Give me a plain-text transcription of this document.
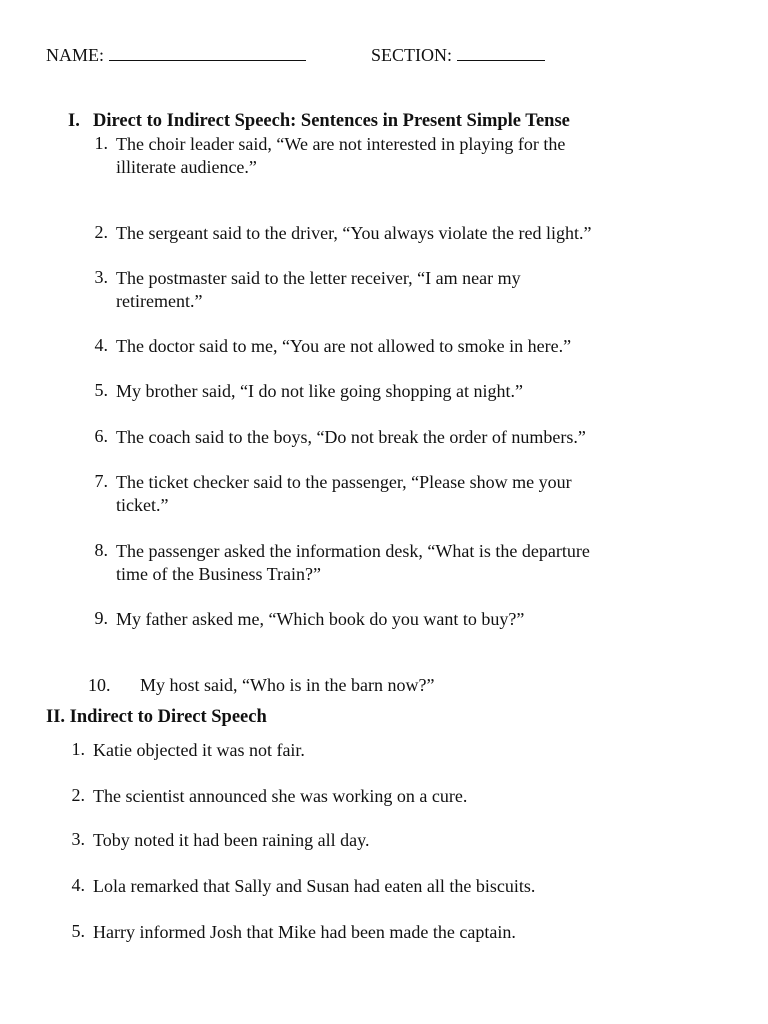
NAME:	SECTION:
I. Direct to Indirect Speech: Sentences in Present Simple Tense
1. The choir leader said, “We are not interested in playing for the
illiterate audience.”
2. The sergeant said to the driver, “You always violate the red light.”
3. The postmaster said to the letter receiver, “I am near my
retirement.”
4. The doctor said to me, “You are not allowed to smoke in here.”
5. My brother said, “I do not like going shopping at night.”
6. The coach said to the boys, “Do not break the order of numbers.”
7. The ticket checker said to the passenger, “Please show me your
ticket.”
8. The passenger asked the information desk, “What is the departure
time of the Business Train?”
9. My father asked me, “Which book do you want to buy?”
10. My host said, “Who is in the barn now?”
II. Indirect to Direct Speech
1. Katie objected it was not fair.
2. The scientist announced she was working on a cure.
3. Toby noted it had been raining all day.
4. Lola remarked that Sally and Susan had eaten all the biscuits.
5. Harry informed Josh that Mike had been made the captain.
